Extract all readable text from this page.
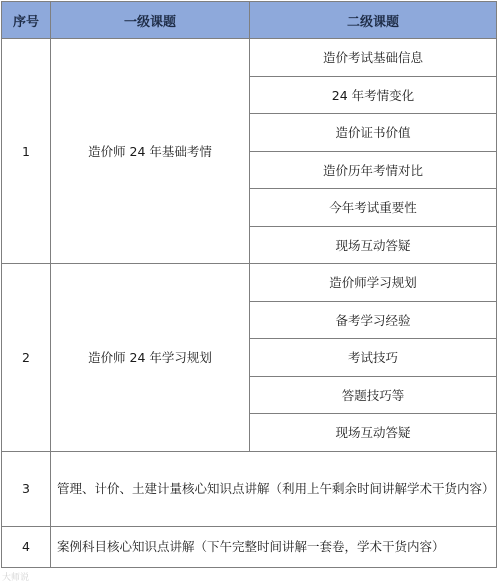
序号	一级课题	二级课题
1	造价师 24 年基础考情	造价考试基础信息
		24 年考情变化
		造价证书价值
		造价历年考情对比
		今年考试重要性
		现场互动答疑
2	造价师 24 年学习规划	造价师学习规划
		备考学习经验
		考试技巧
		答题技巧等
		现场互动答疑
3	管理、计价、土建计量核心知识点讲解（利用上午剩余时间讲解学术干货内容）	
4	案例科目核心知识点讲解（下午完整时间讲解一套卷，学术干货内容）	
大师说
